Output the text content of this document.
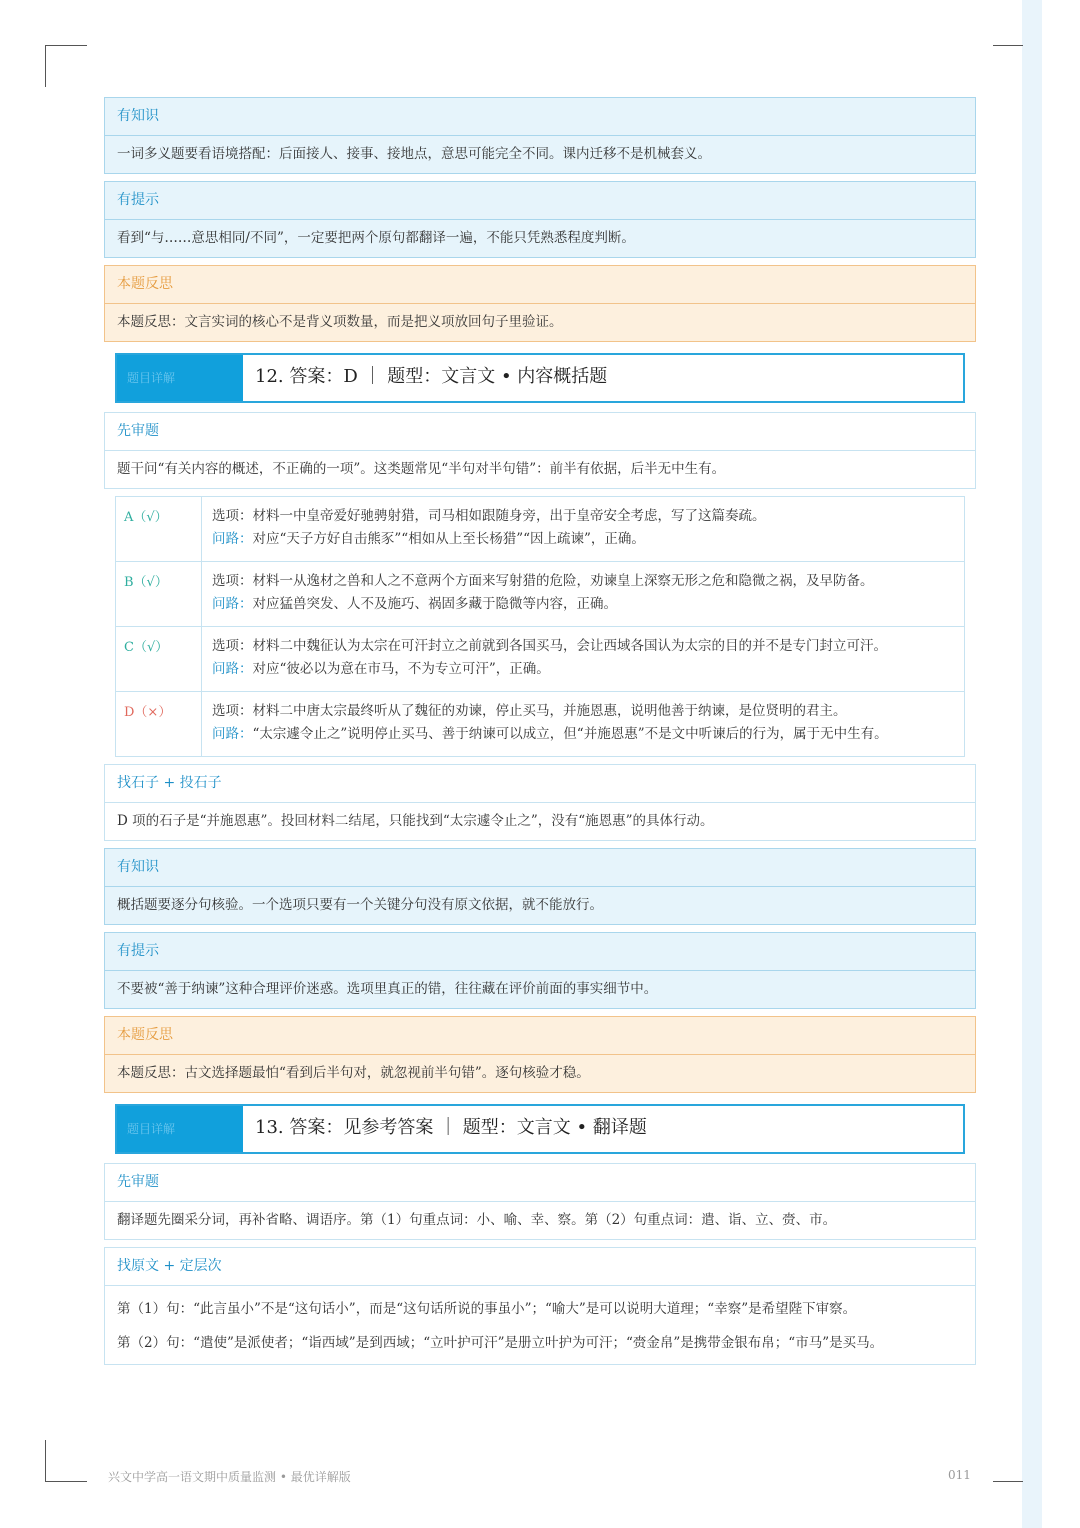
有知识
一词多义题要看语境搭配：后面接人、接事、接地点，意思可能完全不同。课内迁移不是机械套义。
有提示
看到“与……意思相同/不同”，一定要把两个原句都翻译一遍，不能只凭熟悉程度判断。
本题反思
本题反思：文言实词的核心不是背义项数量，而是把义项放回句子里验证。
题目详解	12. 答案：D ｜ 题型：文言文 • 内容概括题
先审题
题干问“有关内容的概述，不正确的一项”。这类题常见“半句对半句错”：前半有依据，后半无中生有。
A（√）	选项：材料一中皇帝爱好驰骋射猎，司马相如跟随身旁，出于皇帝安全考虑，写了这篇奏疏。
问路：对应“天子方好自击熊豕”“相如从上至长杨猎”“因上疏谏”，正确。
B（√）	选项：材料一从逸材之兽和人之不意两个方面来写射猎的危险，劝谏皇上深察无形之危和隐微之祸，及早防备。
问路：对应猛兽突发、人不及施巧、祸固多藏于隐微等内容，正确。
C（√）	选项：材料二中魏征认为太宗在可汗封立之前就到各国买马，会让西域各国认为太宗的目的并不是专门封立可汗。
问路：对应“彼必以为意在市马，不为专立可汗”，正确。
D（×）	选项：材料二中唐太宗最终听从了魏征的劝谏，停止买马，并施恩惠，说明他善于纳谏，是位贤明的君主。
问路：“太宗遽令止之”说明停止买马、善于纳谏可以成立，但“并施恩惠”不是文中听谏后的行为，属于无中生有。
找石子 + 投石子
D 项的石子是“并施恩惠”。投回材料二结尾，只能找到“太宗遽令止之”，没有“施恩惠”的具体行动。
有知识
概括题要逐分句核验。一个选项只要有一个关键分句没有原文依据，就不能放行。
有提示
不要被“善于纳谏”这种合理评价迷惑。选项里真正的错，往往藏在评价前面的事实细节中。
本题反思
本题反思：古文选择题最怕“看到后半句对，就忽视前半句错”。逐句核验才稳。
题目详解	13. 答案：见参考答案 ｜ 题型：文言文 • 翻译题
先审题
翻译题先圈采分词，再补省略、调语序。第（1）句重点词：小、喻、幸、察。第（2）句重点词：遣、诣、立、赍、市。
找原文 + 定层次

第（1）句：“此言虽小”不是“这句话小”，而是“这句话所说的事虽小”；“喻大”是可以说明大道理；“幸察”是希望陛下审察。

第（2）句：“遣使”是派使者；“诣西域”是到西域；“立叶护可汗”是册立叶护为可汗；“赍金帛”是携带金银布帛；“市马”是买马。

兴文中学高一语文期中质量监测 • 最优详解版	011
